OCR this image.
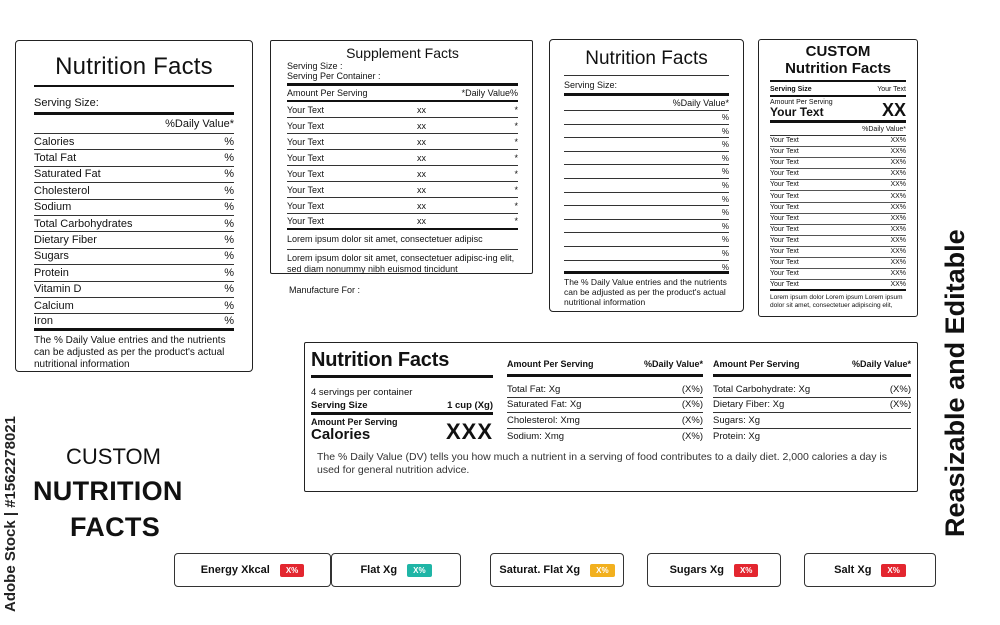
Nutrition Facts
Serving Size:
%Daily Value*
Calories	%
Total Fat	%
Saturated Fat	%
Cholesterol	%
Sodium	%
Total Carbohydrates	%
Dietary Fiber	%
Sugars	%
Protein	%
Vitamin D	%
Calcium	%
Iron	%
The % Daily Value entries and the nutrients can be adjusted as per the product's actual nutritional information
Supplement Facts
Serving Size :
Serving Per Container :
Amount Per Serving	*Daily Value%
Your Text	xx	*
Your Text	xx	*
Your Text	xx	*
Your Text	xx	*
Your Text	xx	*
Your Text	xx	*
Your Text	xx	*
Your Text	xx	*
Lorem ipsum dolor sit amet, consectetuer adipisc
Lorem ipsum dolor sit amet, consectetuer adipisc-ing elit, sed diam nonummy nibh euismod tincidunt
Manufacture For :
Nutrition Facts
Serving Size:
%Daily Value*
%
%
%
%
%
%
%
%
%
%
%
%
The % Daily Value entries and the nutrients can be adjusted as per the product's actual nutritional information
CUSTOM
Nutrition Facts
Serving Size	Your Text
Amount Per Serving
Your Text	XX
%Daily Value*
Your Text	XX%
Your Text	XX%
Your Text	XX%
Your Text	XX%
Your Text	XX%
Your Text	XX%
Your Text	XX%
Your Text	XX%
Your Text	XX%
Your Text	XX%
Your Text	XX%
Your Text	XX%
Your Text	XX%
Your Text	XX%
Lorem ipsum dolor Lorem ipsum Lorem ipsum dolor sit amet, consectetuer adipiscing elit,
Nutrition Facts
4 servings per container
Serving Size	1 cup (Xg)
Amount Per Serving
Calories	XXX
Amount Per Serving	%Daily Value*
Total Fat: Xg	(X%)
Saturated Fat: Xg	(X%)
Cholesterol: Xmg	(X%)
Sodium: Xmg	(X%)
Amount Per Serving	%Daily Value*
Total Carbohydrate: Xg	(X%)
Dietary Fiber: Xg	(X%)
Sugars: Xg
Protein: Xg
The % Daily Value (DV) tells you how much a nutrient in a serving of food contributes to a daily diet. 2,000 calories a day is used for general nutrition advice.
CUSTOM
NUTRITION
FACTS	Reasizable and Editable
Adobe Stock | #1562278021	Energy Xkcal	X%	Flat Xg	X%	Saturat. Flat Xg	X%	Sugars Xg	X%	Salt Xg	X%
